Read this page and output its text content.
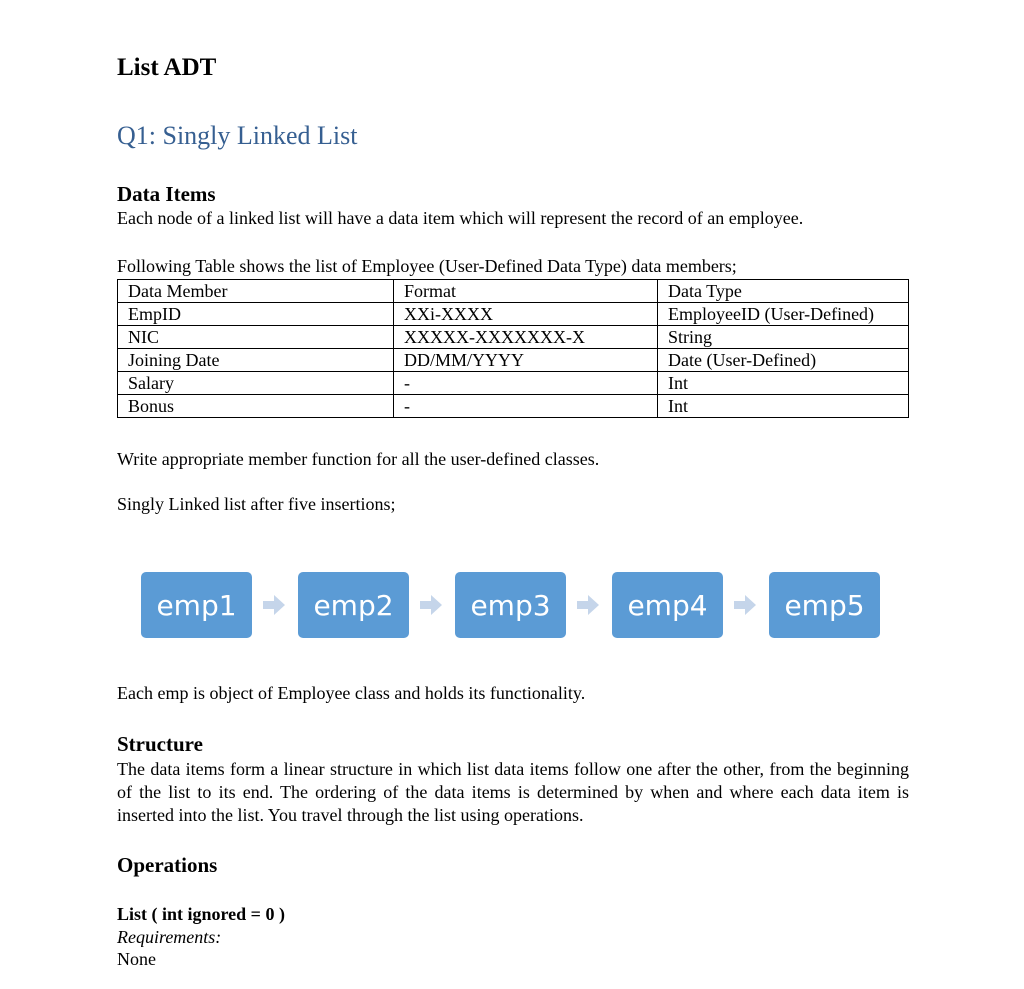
List ADT
Q1: Singly Linked List
Data Items

Each node of a linked list will have a data item which will represent the record of an employee.

Following Table shows the list of Employee (User-Defined Data Type) data members;

Data Member	Format	Data Type
EmpID	XXi-XXXX	EmployeeID (User-Defined)
NIC	XXXXX-XXXXXXX-X	String
Joining Date	DD/MM/YYYY	Date (User-Defined)
Salary	-	Int
Bonus	-	Int

Write appropriate member function for all the user-defined classes.

Singly Linked list after five insertions;

emp1	emp2	emp3	emp4	emp5

Each emp is object of Employee class and holds its functionality.

Structure

The data items form a linear structure in which list data items follow one after the other, from the beginning of the list to its end. The ordering of the data items is determined by when and where each data item is inserted into the list. You travel through the list using operations.

Operations

List ( int ignored = 0 )

Requirements:

None
